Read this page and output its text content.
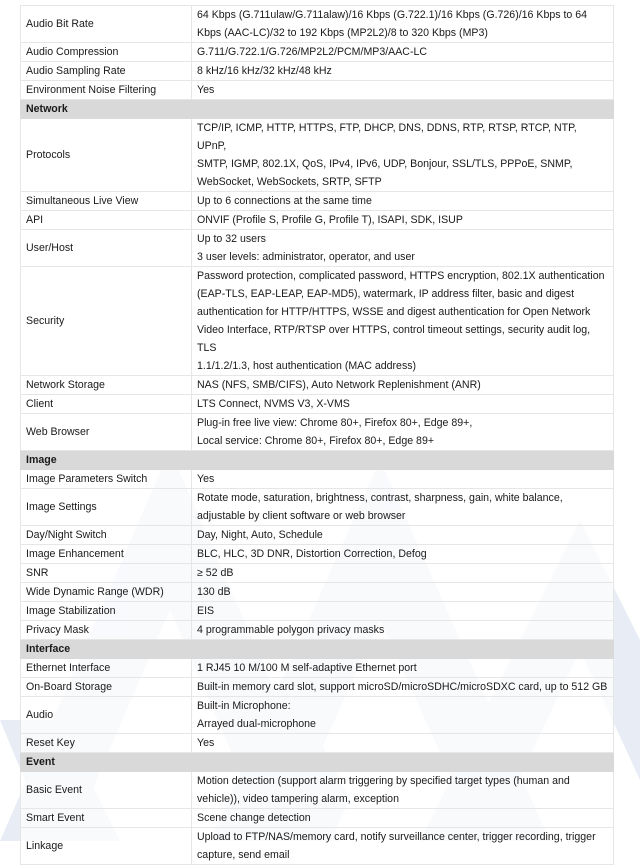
Audio Bit Rate	64 Kbps (G.711ulaw/G.711alaw)/16 Kbps (G.722.1)/16 Kbps (G.726)/16 Kbps to 64
Kbps (AAC-LC)/32 to 192 Kbps (MP2L2)/8 to 320 Kbps (MP3)

Audio Compression	G.711/G.722.1/G.726/MP2L2/PCM/MP3/AAC-LC

Audio Sampling Rate	8 kHz/16 kHz/32 kHz/48 kHz

Environment Noise Filtering	Yes

Network	
Protocols	TCP/IP, ICMP, HTTP, HTTPS, FTP, DHCP, DNS, DDNS, RTP, RTSP, RTCP, NTP, UPnP,
SMTP, IGMP, 802.1X, QoS, IPv4, IPv6, UDP, Bonjour, SSL/TLS, PPPoE, SNMP,
WebSocket, WebSockets, SRTP, SFTP

Simultaneous Live View	Up to 6 connections at the same time

API	ONVIF (Profile S, Profile G, Profile T), ISAPI, SDK, ISUP

User/Host	Up to 32 users
3 user levels: administrator, operator, and user

Security	Password protection, complicated password, HTTPS encryption, 802.1X authentication
(EAP-TLS, EAP-LEAP, EAP-MD5), watermark, IP address filter, basic and digest
authentication for HTTP/HTTPS, WSSE and digest authentication for Open Network
Video Interface, RTP/RTSP over HTTPS, control timeout settings, security audit log, TLS
1.1/1.2/1.3, host authentication (MAC address)

Network Storage	NAS (NFS, SMB/CIFS), Auto Network Replenishment (ANR)

Client	LTS Connect, NVMS V3, X-VMS

Web Browser	Plug-in free live view: Chrome 80+, Firefox 80+, Edge 89+,
Local service: Chrome 80+, Firefox 80+, Edge 89+

Image	
Image Parameters Switch	Yes

Image Settings	Rotate mode, saturation, brightness, contrast, sharpness, gain, white balance,
adjustable by client software or web browser

Day/Night Switch	Day, Night, Auto, Schedule

Image Enhancement	BLC, HLC, 3D DNR, Distortion Correction, Defog

SNR	≥ 52 dB

Wide Dynamic Range (WDR)	130 dB

Image Stabilization	EIS

Privacy Mask	4 programmable polygon privacy masks

Interface	
Ethernet Interface	1 RJ45 10 M/100 M self-adaptive Ethernet port

On-Board Storage	Built-in memory card slot, support microSD/microSDHC/microSDXC card, up to 512 GB

Audio	Built-in Microphone:
Arrayed dual-microphone

Reset Key	Yes

Event	
Basic Event	Motion detection (support alarm triggering by specified target types (human and
vehicle)), video tampering alarm, exception

Smart Event	Scene change detection

Linkage	Upload to FTP/NAS/memory card, notify surveillance center, trigger recording, trigger
capture, send email
